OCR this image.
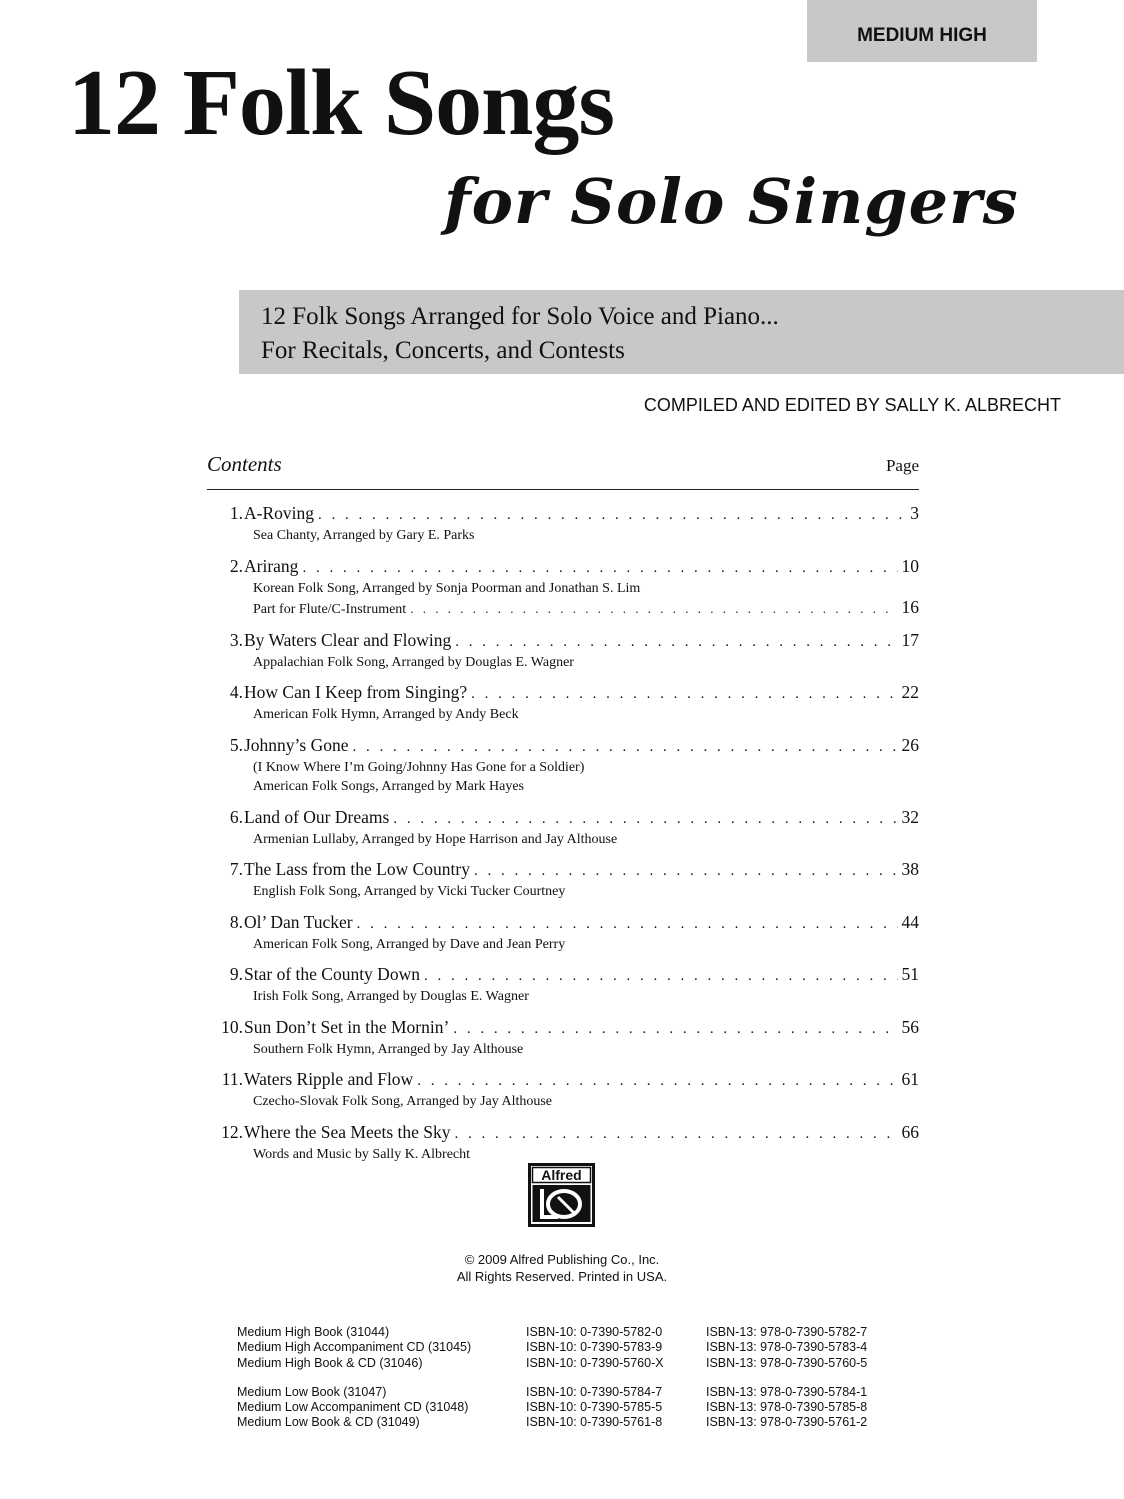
MEDIUM HIGH
12 Folk Songs
for Solo Singers
12 Folk Songs Arranged for Solo Voice and Piano...
For Recitals, Concerts, and Contests
COMPILED AND EDITED BY SALLY K. ALBRECHT
Contents	Page
1. A-Roving . . .	3
Sea Chanty, Arranged by Gary E. Parks
2. Arirang . . .	10
Korean Folk Song, Arranged by Sonja Poorman and Jonathan S. Lim
Part for Flute/C-Instrument . . .	16
3. By Waters Clear and Flowing . . .	17
Appalachian Folk Song, Arranged by Douglas E. Wagner
4. How Can I Keep from Singing? . . .	22
American Folk Hymn, Arranged by Andy Beck
5. Johnny’s Gone . . .	26
(I Know Where I’m Going/Johnny Has Gone for a Soldier)
American Folk Songs, Arranged by Mark Hayes
6. Land of Our Dreams . . .	32
Armenian Lullaby, Arranged by Hope Harrison and Jay Althouse
7. The Lass from the Low Country . . .	38
English Folk Song, Arranged by Vicki Tucker Courtney
8. Ol’ Dan Tucker . . .	44
American Folk Song, Arranged by Dave and Jean Perry
9. Star of the County Down . . .	51
Irish Folk Song, Arranged by Douglas E. Wagner
10. Sun Don’t Set in the Mornin’ . . .	56
Southern Folk Hymn, Arranged by Jay Althouse
11. Waters Ripple and Flow . . .	61
Czecho-Slovak Folk Song, Arranged by Jay Althouse
12. Where the Sea Meets the Sky . . .	66
Words and Music by Sally K. Albrecht
Alfred
© 2009 Alfred Publishing Co., Inc.
All Rights Reserved. Printed in USA.
Medium High Book (31044)	ISBN-10: 0-7390-5782-0	ISBN-13: 978-0-7390-5782-7
Medium High Accompaniment CD (31045)	ISBN-10: 0-7390-5783-9	ISBN-13: 978-0-7390-5783-4
Medium High Book & CD (31046)	ISBN-10: 0-7390-5760-X	ISBN-13: 978-0-7390-5760-5
Medium Low Book (31047)	ISBN-10: 0-7390-5784-7	ISBN-13: 978-0-7390-5784-1
Medium Low Accompaniment CD (31048)	ISBN-10: 0-7390-5785-5	ISBN-13: 978-0-7390-5785-8
Medium Low Book & CD (31049)	ISBN-10: 0-7390-5761-8	ISBN-13: 978-0-7390-5761-2
